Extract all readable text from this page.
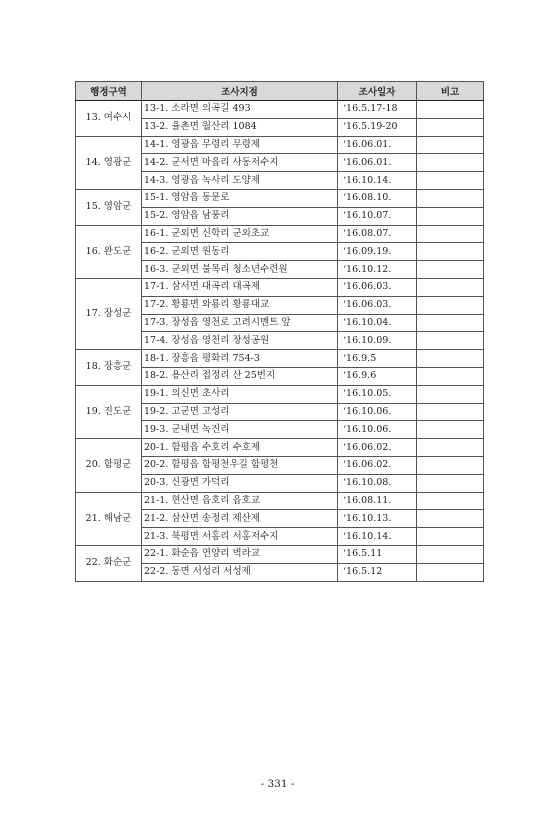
행정구역	조사지점	조사일자	비고
13. 여수시	13-1. 소라면 의곡길 493	‘16.5.17-18	
	13-2. 율촌면 월산리 1084	‘16.5.19-20	
14. 영광군	14-1. 영광읍 무령리 무령제	‘16.06.01.	
	14-2. 군서면 마읍리 사동저수지	‘16.06.01.	
	14-3. 영광읍 녹사리 도양제	‘16.10.14.	
15. 영암군	15-1. 영암읍 동문로	‘16.08.10.	
	15-2. 영암읍 남풍리	‘16.10.07.	
16. 완도군	16-1. 군외면 신학리 군외초교	‘16.08.07.	
	16-2. 군외면 원동리	‘16.09.19.	
	16-3. 군외면 불목리 청소년수련원	‘16.10.12.	
17. 장성군	17-1. 삼서면 대곡리 대곡제	‘16.06.03.	
	17-2. 황룡면 와룡리 황룡대교	‘16.06.03.	
	17-3. 장성읍 영천로 고려시멘트 앞	‘16.10.04.	
	17-4. 장성읍 영천리 장성공원	‘16.10.09.	
18. 장흥군	18-1. 장흥읍 평화리 754-3	‘16.9.5	
	18-2. 용산리 접정리 산 25번지	‘16.9.6	
19. 진도군	19-1. 의신면 초사리	‘16.10.05.	
	19-2. 고군면 고성리	‘16.10.06.	
	19-3. 군내면 녹진리	‘16.10.06.	
20. 함평군	20-1. 함평읍 수호리 수호제	‘16.06.02.	
	20-2. 함평읍 함평천우길 함평천	‘16.06.02.	
	20-3. 신광면 가덕리	‘16.10.08.	
21. 해남군	21-1. 현산면 읍호리 읍호교	‘16.08.11.	
	21-2. 삼산면 송정리 제산제	‘16.10.13.	
	21-3. 북평면 서홍리 서홍저수지	‘16.10.14.	
22. 화순군	22-1. 화순읍 연양리 벽라교	‘16.5.11	
	22-2. 동면 서성리 서성제	‘16.5.12	
- 331 -
